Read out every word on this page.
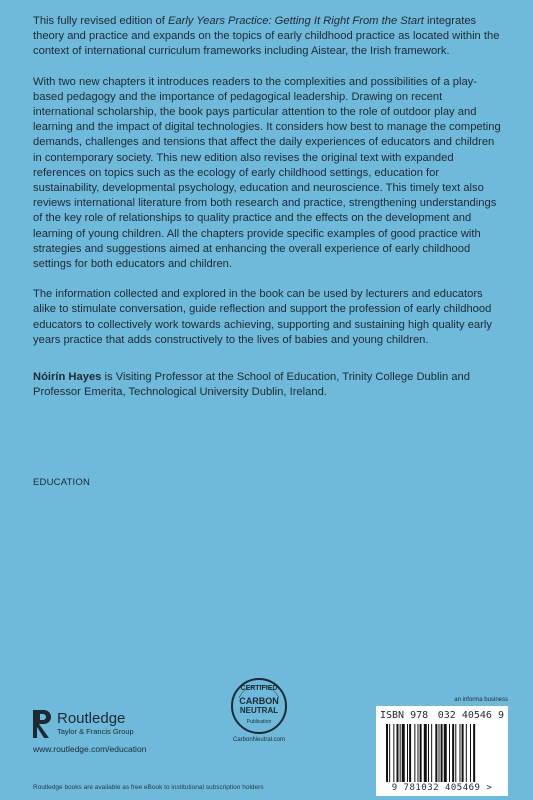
This fully revised edition of Early Years Practice: Getting It Right From the Start integrates theory and practice and expands on the topics of early childhood practice as located within the context of international curriculum frameworks including Aistear, the Irish framework.

With two new chapters it introduces readers to the complexities and possibilities of a play-based pedagogy and the importance of pedagogical leadership. Drawing on recent international scholarship, the book pays particular attention to the role of outdoor play and learning and the impact of digital technologies. It considers how best to manage the competing demands, challenges and tensions that affect the daily experiences of educators and children in contemporary society. This new edition also revises the original text with expanded references on topics such as the ecology of early childhood settings, education for sustainability, developmental psychology, education and neuroscience. This timely text also reviews international literature from both research and practice, strengthening understandings of the key role of relationships to quality practice and the effects on the development and learning of young children. All the chapters provide specific examples of good practice with strategies and suggestions aimed at enhancing the overall experience of early childhood settings for both educators and children.

The information collected and explored in the book can be used by lecturers and educators alike to stimulate conversation, guide reflection and support the profession of early childhood educators to collectively work towards achieving, supporting and sustaining high quality early years practice that adds constructively to the lives of babies and young children.

Nóirín Hayes is Visiting Professor at the School of Education, Trinity College Dublin and Professor Emerita, Technological University Dublin, Ireland.

EDUCATION
Routledge
Taylor & Francis Group
www.routledge.com/education
Routledge books are available as free eBook to institutional subscription holders
CERTIFIED
CARBON
NEUTRAL
Publication
CarbonNeutral.com
an informa business
ISBN 978 032 40546 9
9 781032 405469 >
